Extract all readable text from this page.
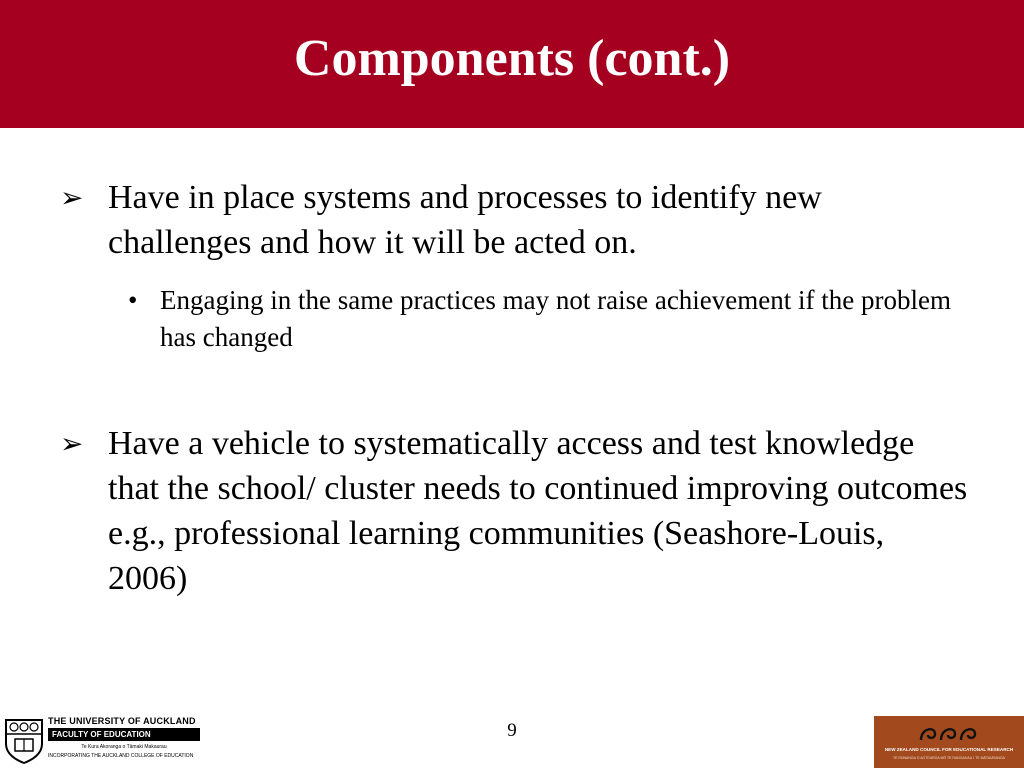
Components (cont.)
➢ Have in place systems and processes to identify new challenges and how it will be acted on.
• Engaging in the same practices may not raise achievement if the problem has changed
➢ Have a vehicle to systematically access and test knowledge that the school/ cluster needs to continued improving outcomes e.g., professional learning communities (Seashore-Louis, 2006)
9
THE UNIVERSITY OF AUCKLAND
FACULTY OF EDUCATION
Te Kura Akoranga o Tāmaki Makaurau
INCORPORATING THE AUCKLAND COLLEGE OF EDUCATION
NEW ZEALAND COUNCIL FOR EDUCATIONAL RESEARCH
TE RŪNANGA O AOTEAROA MŌ TE RANGAHAU I TE MĀTAURANGA
